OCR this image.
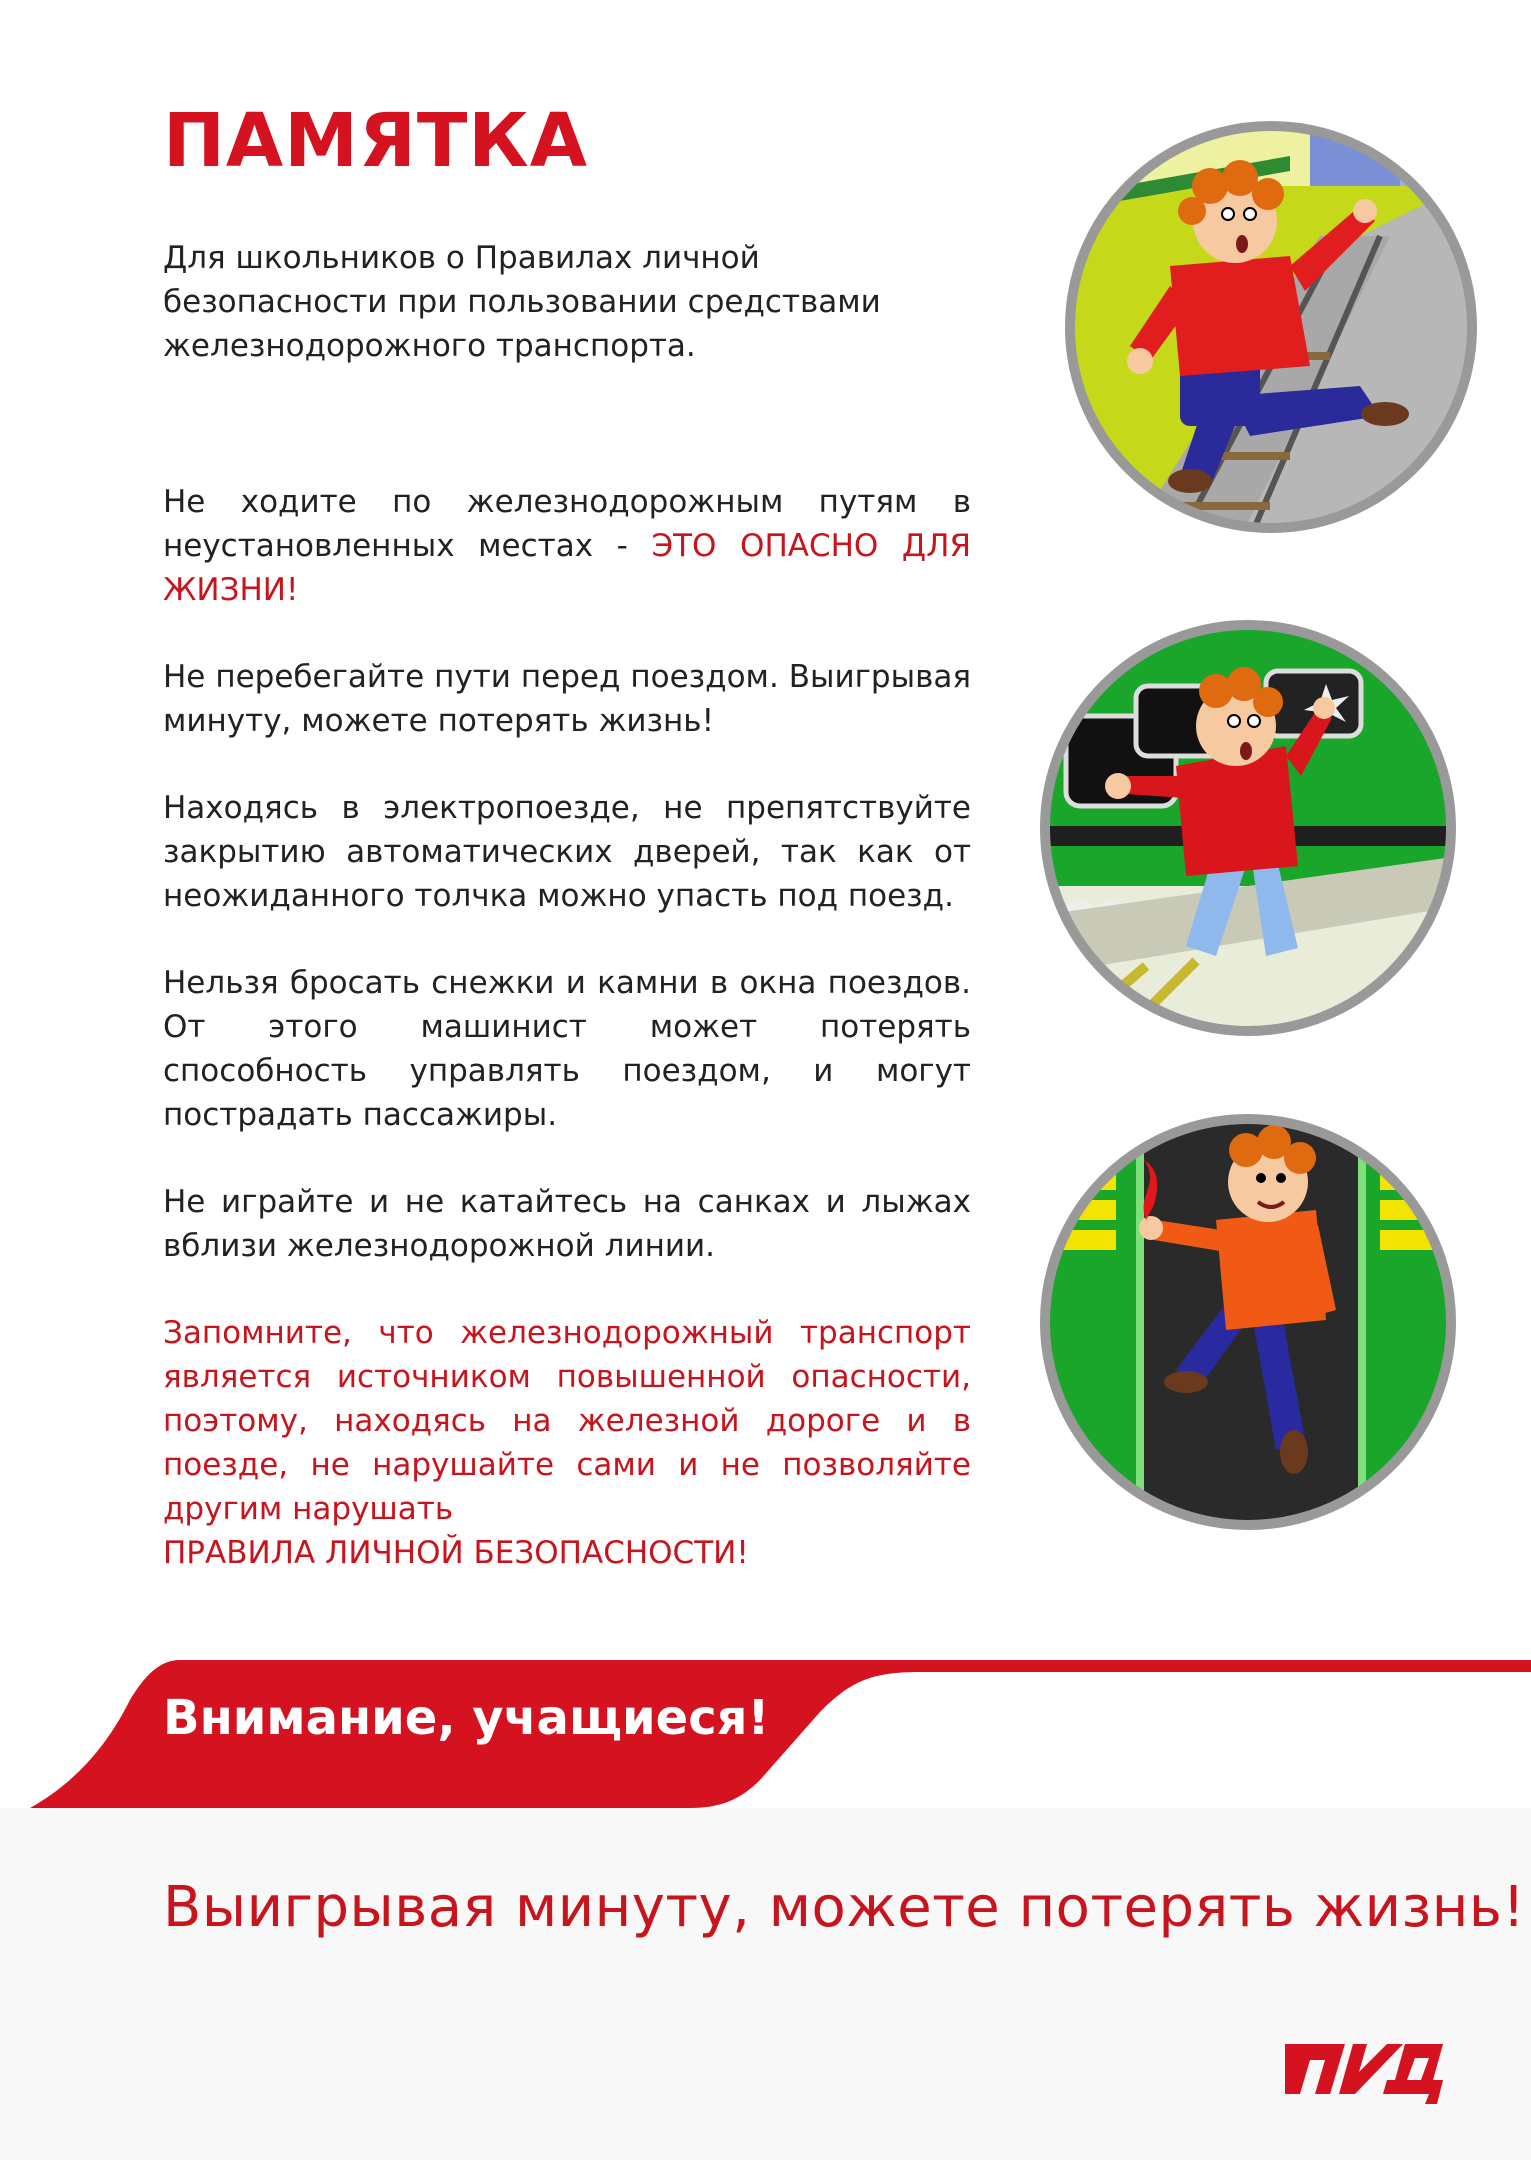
ПАМЯТКА
Для школьников о Правилах личной безопасности при пользовании средствами железнодорожного транспорта.

Не ходите по железнодорожным путям в неустановленных местах - ЭТО ОПАСНО ДЛЯ ЖИЗНИ!

Не перебегайте пути перед поездом. Выигрывая минуту, можете потерять жизнь!

Находясь в электропоезде, не препятствуйте закрытию автоматических дверей, так как от неожиданного толчка можно упасть под поезд.

Нельзя бросать снежки и камни в окна поездов. От этого машинист может потерять способность управлять поездом, и могут пострадать пассажиры.

Не играйте и не катайтесь на санках и лыжах вблизи железнодорожной линии.

Запомните, что железнодорожный транспорт является источником повышенной опасности, поэтому, находясь на железной дороге и в поезде, не нарушайте сами и не позволяйте другим нарушать
ПРАВИЛА ЛИЧНОЙ БЕЗОПАСНОСТИ!

Внимание, учащиеся!
Выигрывая минуту, можете потерять жизнь!
